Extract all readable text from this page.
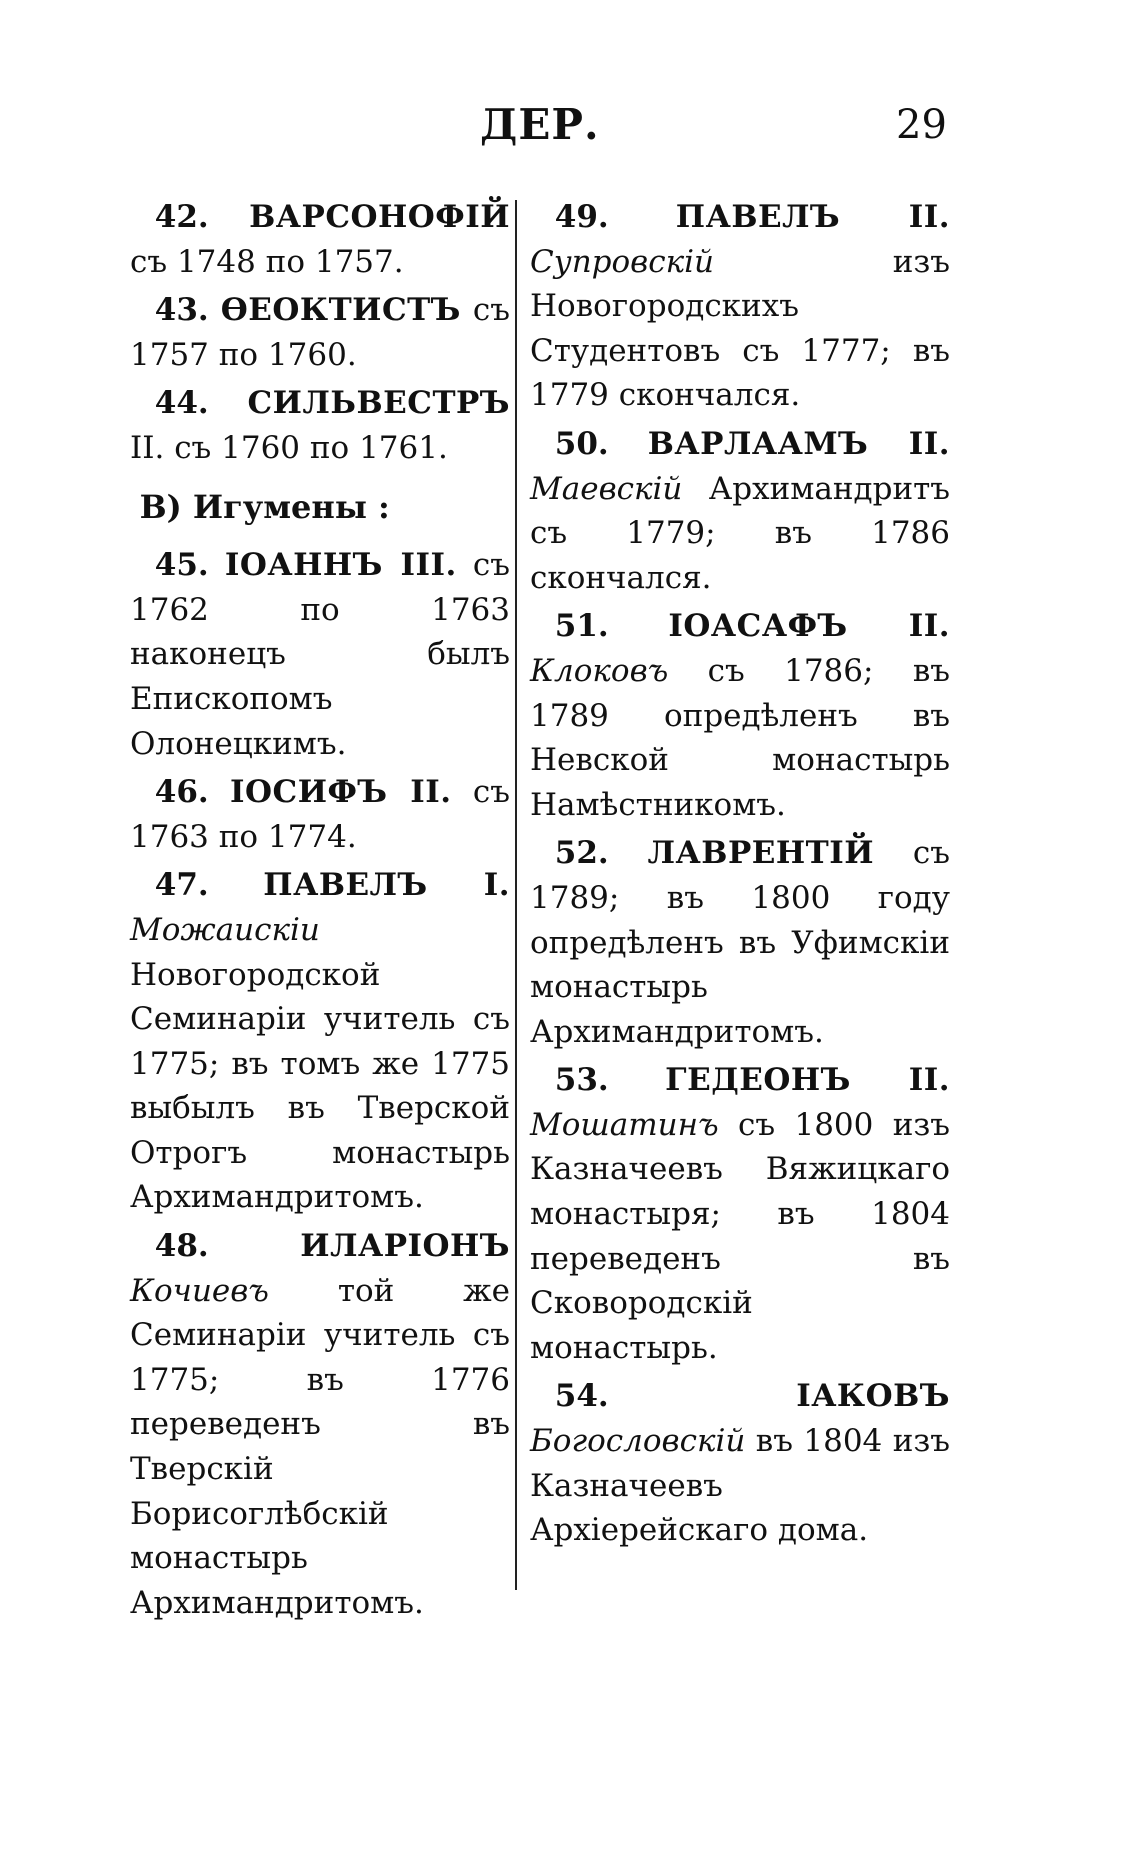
ДЕР.	29

42. ВАРСОНОФІЙ съ 1748 по 1757.

43. ѲЕОКТИСТЪ съ 1757 по 1760.

44. СИЛЬВЕСТРЪ II. съ 1760 по 1761.

В) Игумены :

45. ІОАННЪ III. съ 1762 по 1763 наконецъ былъ Епископомъ Олонецкимъ.

46. ІОСИФЪ II. съ 1763 по 1774.

47. ПАВЕЛЪ I. Можаискіи Новогородской Семинаріи учитель съ 1775; въ томъ же 1775 выбылъ въ Тверской Отрогъ монастырь Архимандритомъ.

48.	ИЛАРІОНЪ Кочиевъ той же Семинаріи учитель съ 1775; въ 1776 переведенъ въ Тверскій Борисоглѣбскій монастырь Архимандритомъ.

49. ПАВЕЛЪ II. Супровскій	изъ Новогородскихъ Студентовъ съ 1777; въ 1779 скончался.

50. ВАРЛААМЪ II. Маевскій Архимандритъ съ 1779; въ 1786 скончался.

51. ІОАСАФЪ II. Клоковъ съ 1786; въ 1789 опредѣленъ въ Невской монастырь Намѣстникомъ.

52. ЛАВРЕНТІЙ съ 1789; въ 1800 году опредѣленъ въ Уфимскіи монастырь Архимандритомъ.

53. ГЕДЕОНЪ II. Мошатинъ съ 1800 изъ Казначеевъ Вяжицкаго монастыря; въ 1804 переведенъ въ Сковородскій монастырь.

54.	ІАКОВЪ Богословскій въ 1804 изъ Казначеевъ Архіерейскаго дома.
